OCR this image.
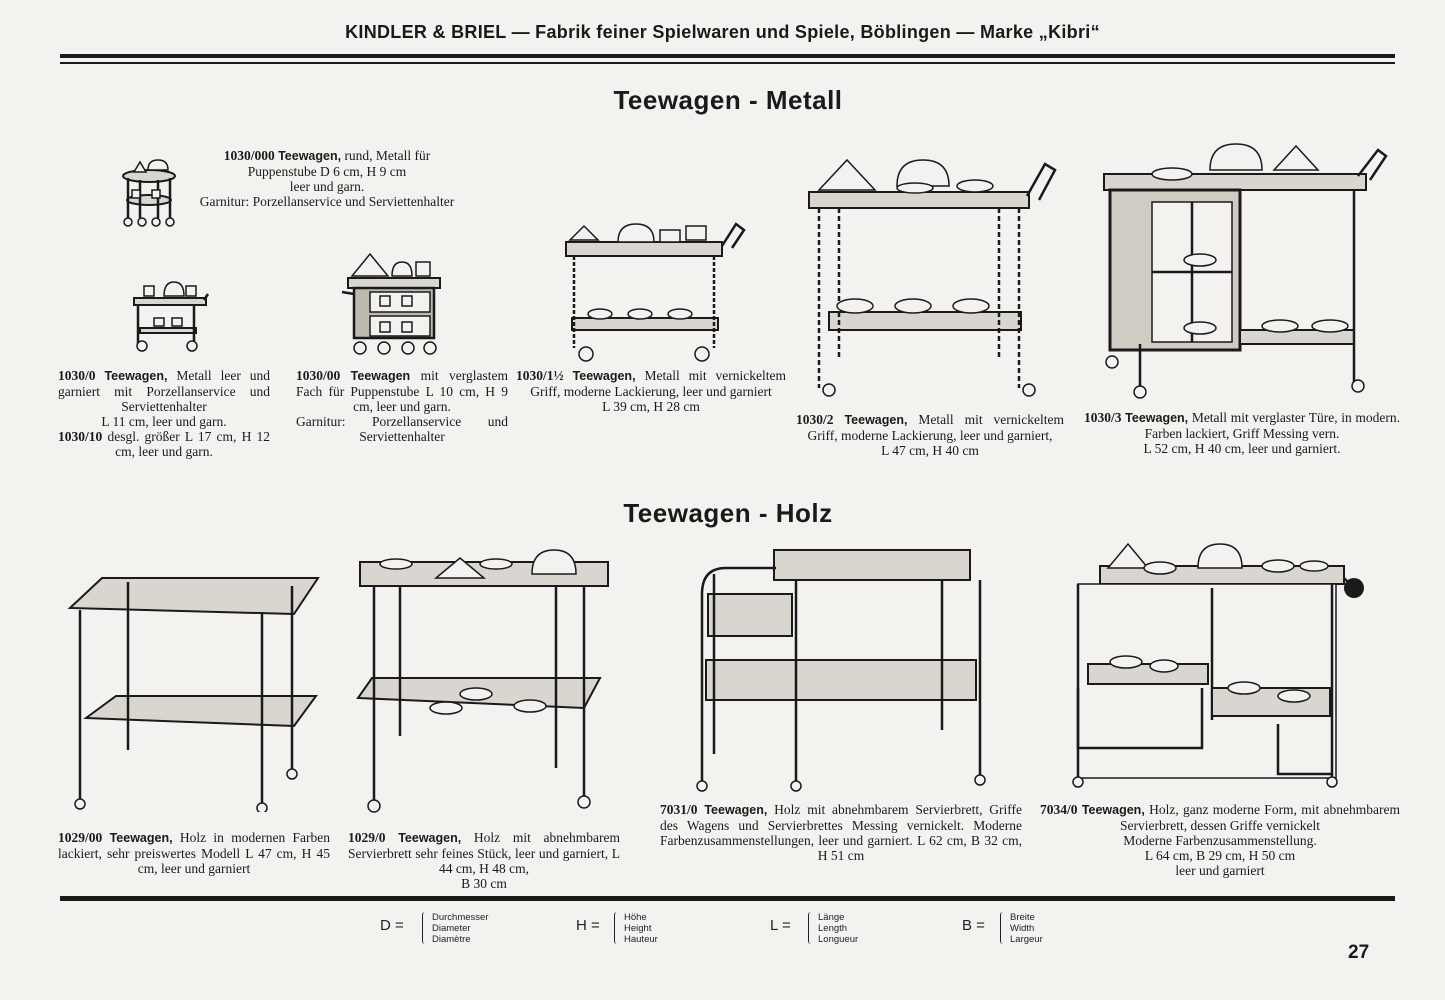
KINDLER & BRIEL — Fabrik feiner Spielwaren und Spiele, Böblingen — Marke „Kibri“
Teewagen - Metall
Teewagen - Holz
1030/000 Teewagen, rund, Metall für Puppenstube D 6 cm, H 9 cm
leer und garn.
Garnitur: Porzellanservice und Serviettenhalter
1030/0 Teewagen, Metall leer und garniert mit Porzellanservice und Serviettenhalter
L 11 cm, leer und garn.
1030/10 desgl. größer L 17 cm, H 12 cm, leer und garn.
1030/00 Teewagen mit verglastem Fach für Puppenstube L 10 cm, H 9 cm, leer und garn.
Garnitur: Porzellanservice und Serviettenhalter
1030/1½ Teewagen, Metall mit vernickeltem Griff, moderne Lackierung, leer und garniert
L 39 cm, H 28 cm
1030/2 Teewagen, Metall mit vernickeltem Griff, moderne Lackierung, leer und garniert,
L 47 cm, H 40 cm
1030/3 Teewagen, Metall mit verglaster Türe, in modern. Farben lackiert, Griff Messing vern.
L 52 cm, H 40 cm, leer und garniert.
1029/00 Teewagen, Holz in modernen Farben lackiert, sehr preiswertes Modell L 47 cm, H 45 cm, leer und garniert
1029/0 Teewagen, Holz mit abnehmbarem Servierbrett sehr feines Stück, leer und garniert, L 44 cm, H 48 cm,
B 30 cm
7031/0 Teewagen, Holz mit abnehmbarem Servierbrett, Griffe des Wagens und Servierbrettes Messing vernickelt. Moderne Farbenzusammenstellungen, leer und garniert. L 62 cm, B 32 cm, H 51 cm
7034/0 Teewagen, Holz, ganz moderne Form, mit abnehmbarem Servierbrett, dessen Griffe vernickelt
Moderne Farbenzusammenstellung.
L 64 cm, B 29 cm, H 50 cm
leer und garniert
D =	Durchmesser
Diameter
Diamètre
H =	Höhe
Height
Hauteur
L =	Länge
Length
Longueur
B =	Breite
Width
Largeur
27
